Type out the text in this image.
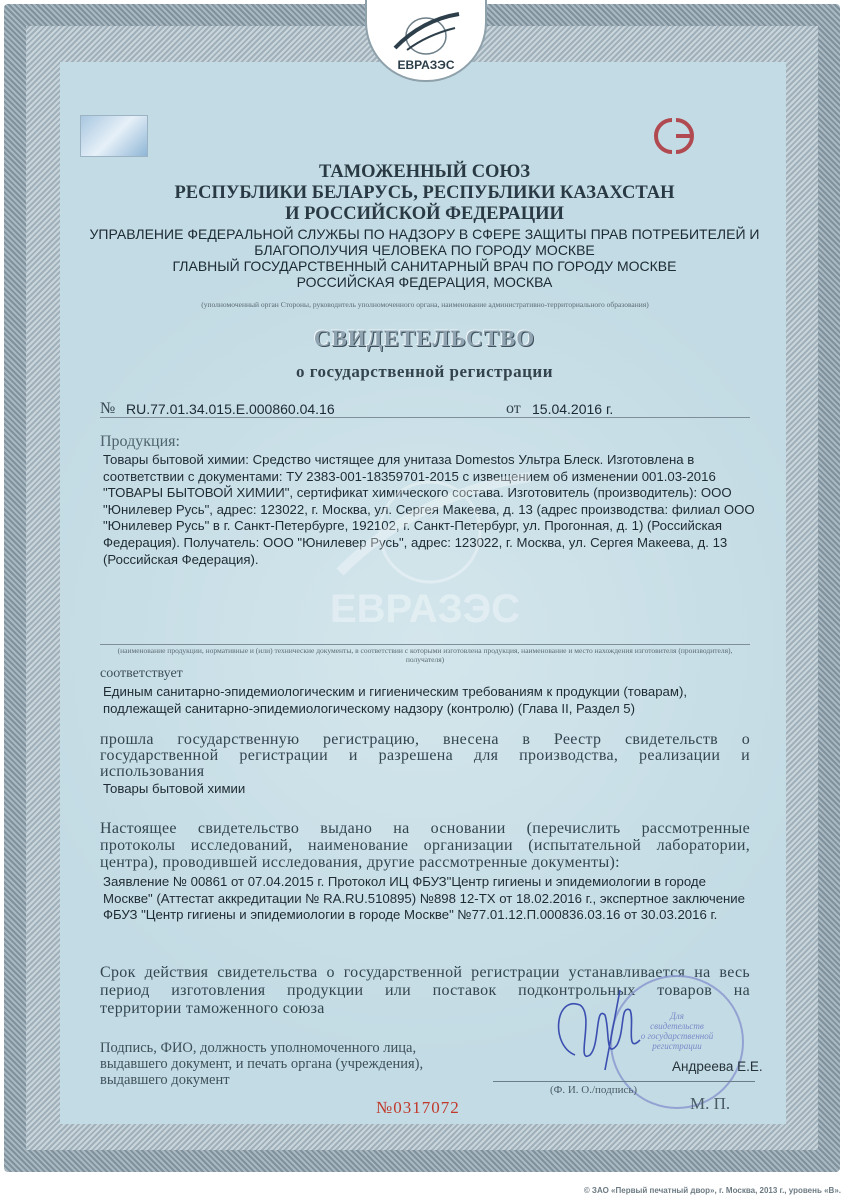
ЕВРАЗЭС
ТАМОЖЕННЫЙ СОЮЗ
РЕСПУБЛИКИ БЕЛАРУСЬ, РЕСПУБЛИКИ КАЗАХСТАН
И РОССИЙСКОЙ ФЕДЕРАЦИИ
УПРАВЛЕНИЕ ФЕДЕРАЛЬНОЙ СЛУЖБЫ ПО НАДЗОРУ В СФЕРЕ ЗАЩИТЫ ПРАВ ПОТРЕБИТЕЛЕЙ И
БЛАГОПОЛУЧИЯ ЧЕЛОВЕКА ПО ГОРОДУ МОСКВЕ
ГЛАВНЫЙ ГОСУДАРСТВЕННЫЙ САНИТАРНЫЙ ВРАЧ ПО ГОРОДУ МОСКВЕ
РОССИЙСКАЯ ФЕДЕРАЦИЯ, МОСКВА
(уполномоченный орган Стороны, руководитель уполномоченного органа, наименование административно-территориального образования)
СВИДЕТЕЛЬСТВО
о государственной регистрации
№ RU.77.01.34.015.Е.000860.04.16	от 15.04.2016 г.
Продукция:
Товары бытовой химии: Средство чистящее для унитаза Domestos Ультра Блеск. Изготовлена в
соответствии с документами: ТУ 2383-001-18359701-2015 с извещением об изменении 001.03-2016
"ТОВАРЫ БЫТОВОЙ ХИМИИ", сертификат химического состава. Изготовитель (производитель): ООО
"Юнилевер Русь", адрес: 123022, г. Москва, ул. Сергея Макеева, д. 13 (адрес производства: филиал ООО
"Юнилевер Русь" в г. Санкт-Петербурге, 192102, г. Санкт-Петербург, ул. Прогонная, д. 1) (Российская
Федерация). Получатель: ООО "Юнилевер Русь", адрес: 123022, г. Москва, ул. Сергея Макеева, д. 13
(Российская Федерация).
ЕВРАЗЭС
(наименование продукции, нормативные и (или) технические документы, в соответствии с которыми изготовлена продукция, наименование и место нахождения изготовителя (производителя), получателя)
соответствует
Единым санитарно-эпидемиологическим и гигиеническим требованиям к продукции (товарам),
подлежащей санитарно-эпидемиологическому надзору (контролю) (Глава II, Раздел 5)
прошла государственную регистрацию, внесена в Реестр свидетельств о
государственной регистрации и разрешена для производства, реализации и
использования
Товары бытовой химии
Настоящее свидетельство выдано на основании (перечислить рассмотренные
протоколы исследований, наименование организации (испытательной лаборатории,
центра), проводившей исследования, другие рассмотренные документы):
Заявление № 00861 от 07.04.2015 г. Протокол ИЦ ФБУЗ"Центр гигиены и эпидемиологии в городе
Москве" (Аттестат аккредитации № RA.RU.510895) №898 12-ТХ от 18.02.2016 г., экспертное заключение
ФБУЗ "Центр гигиены и эпидемиологии в городе Москве" №77.01.12.П.000836.03.16 от 30.03.2016 г.
Срок действия свидетельства о государственной регистрации устанавливается на весь
период изготовления продукции или поставок подконтрольных товаров на
территории таможенного союза
Подпись, ФИО, должность уполномоченного лица,
выдавшего документ, и печать органа (учреждения),
выдавшего документ
Для
свидетельств
о государственной
регистрации
Андреева Е.Е.
(Ф. И. О./подпись)
М. П.
№0317072
© ЗАО «Первый печатный двор», г. Москва, 2013 г., уровень «В».
